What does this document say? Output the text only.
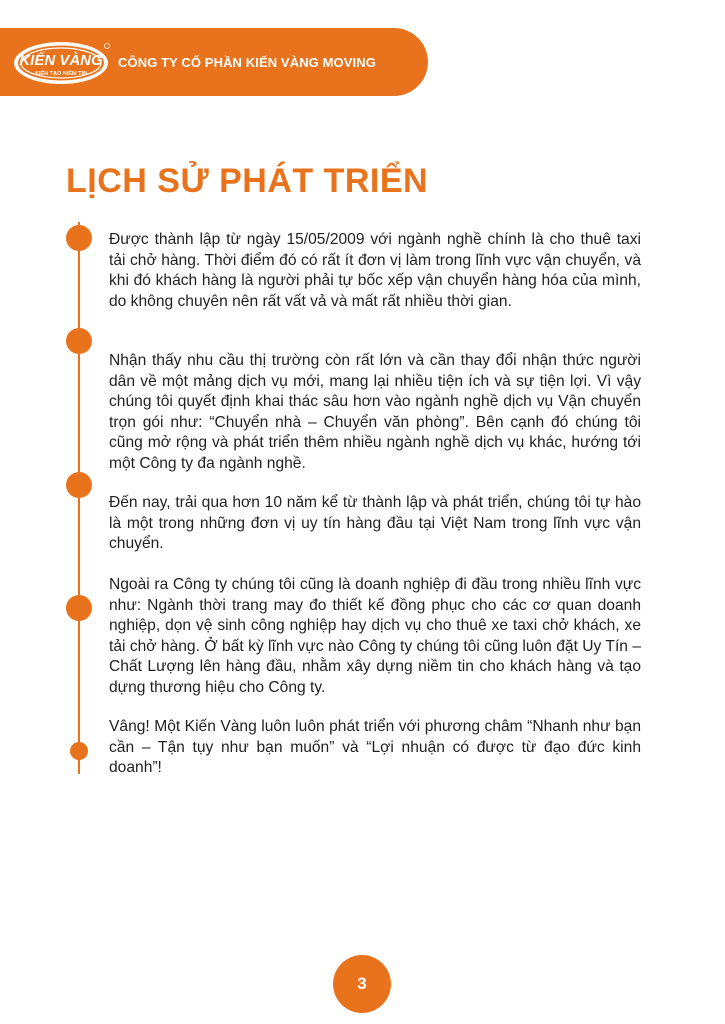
KIẾN VÀNG
KIẾN TẠO NIỀM TIN
CÔNG TY CỔ PHẦN KIẾN VÀNG MOVING
LỊCH SỬ PHÁT TRIỂN

Được thành lập từ ngày 15/05/2009 với ngành nghề chính là cho thuê taxi tải chở hàng. Thời điểm đó có rất ít đơn vị làm trong lĩnh vực vận chuyển, và khi đó khách hàng là người phải tự bốc xếp vận chuyển hàng hóa của mình, do không chuyên nên rất vất vả và mất rất nhiều thời gian.

Nhận thấy nhu cầu thị trường còn rất lớn và cần thay đổi nhận thức người dân về một mảng dịch vụ mới, mang lại nhiều tiện ích và sự tiện lợi. Vì vậy chúng tôi quyết định khai thác sâu hơn vào ngành nghề dịch vụ Vận chuyển trọn gói như: “Chuyển nhà – Chuyển văn phòng”. Bên cạnh đó chúng tôi cũng mở rộng và phát triển thêm nhiều ngành nghề dịch vụ khác, hướng tới một Công ty đa ngành nghề.

Đến nay, trải qua hơn 10 năm kể từ thành lập và phát triển, chúng tôi tự hào là một trong những đơn vị uy tín hàng đầu tại Việt Nam trong lĩnh vực vận chuyển.

Ngoài ra Công ty chúng tôi cũng là doanh nghiệp đi đầu trong nhiều lĩnh vực như: Ngành thời trang may đo thiết kế đồng phục cho các cơ quan doanh nghiệp, dọn vệ sinh công nghiệp hay dịch vụ cho thuê xe taxi chở khách, xe tải chở hàng. Ở bất kỳ lĩnh vực nào Công ty chúng tôi cũng luôn đặt Uy Tín – Chất Lượng lên hàng đầu, nhằm xây dựng niềm tin cho khách hàng và tạo dựng thương hiệu cho Công ty.

Vâng! Một Kiến Vàng luôn luôn phát triển với phương châm “Nhanh như bạn cần – Tận tụy như bạn muốn” và “Lợi nhuận có được từ đạo đức kinh doanh”!

3
